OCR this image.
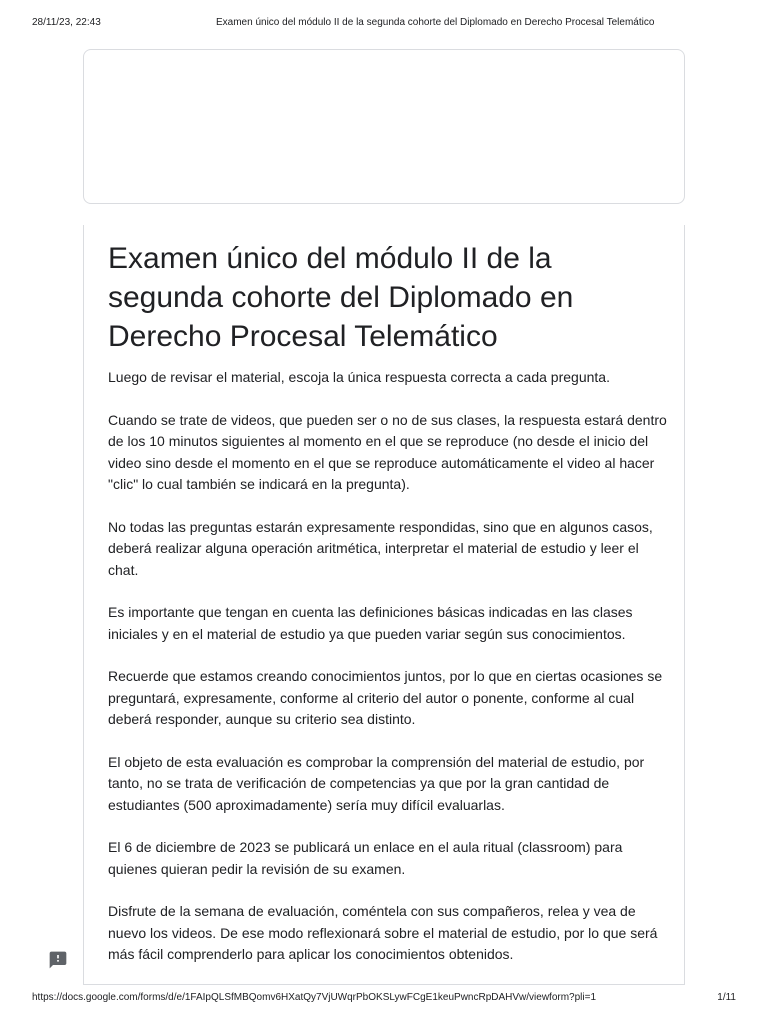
28/11/23, 22:43	Examen único del módulo II de la segunda cohorte del Diplomado en Derecho Procesal Telemático
Examen único del módulo II de la segunda cohorte del Diplomado en Derecho Procesal Telemático

Luego de revisar el material, escoja la única respuesta correcta a cada pregunta.

Cuando se trate de videos, que pueden ser o no de sus clases, la respuesta estará dentro de los 10 minutos siguientes al momento en el que se reproduce (no desde el inicio del video sino desde el momento en el que se reproduce automáticamente el video al hacer "clic" lo cual también se indicará en la pregunta).

No todas las preguntas estarán expresamente respondidas, sino que en algunos casos, deberá realizar alguna operación aritmética, interpretar el material de estudio y leer el chat.

Es importante que tengan en cuenta las definiciones básicas indicadas en las clases iniciales y en el material de estudio ya que pueden variar según sus conocimientos.

Recuerde que estamos creando conocimientos juntos, por lo que en ciertas ocasiones se preguntará, expresamente, conforme al criterio del autor o ponente, conforme al cual deberá responder, aunque su criterio sea distinto.

El objeto de esta evaluación es comprobar la comprensión del material de estudio, por tanto, no se trata de verificación de competencias ya que por la gran cantidad de estudiantes (500 aproximadamente) sería muy difícil evaluarlas.

El 6 de diciembre de 2023 se publicará un enlace en el aula ritual (classroom) para quienes quieran pedir la revisión de su examen.

Disfrute de la semana de evaluación, coméntela con sus compañeros, relea y vea de nuevo los videos. De ese modo reflexionará sobre el material de estudio, por lo que será más fácil comprenderlo para aplicar los conocimientos obtenidos.

https://docs.google.com/forms/d/e/1FAIpQLSfMBQomv6HXatQy7VjUWqrPbOKSLywFCgE1keuPwncRpDAHVw/viewform?pli=1	1/11
